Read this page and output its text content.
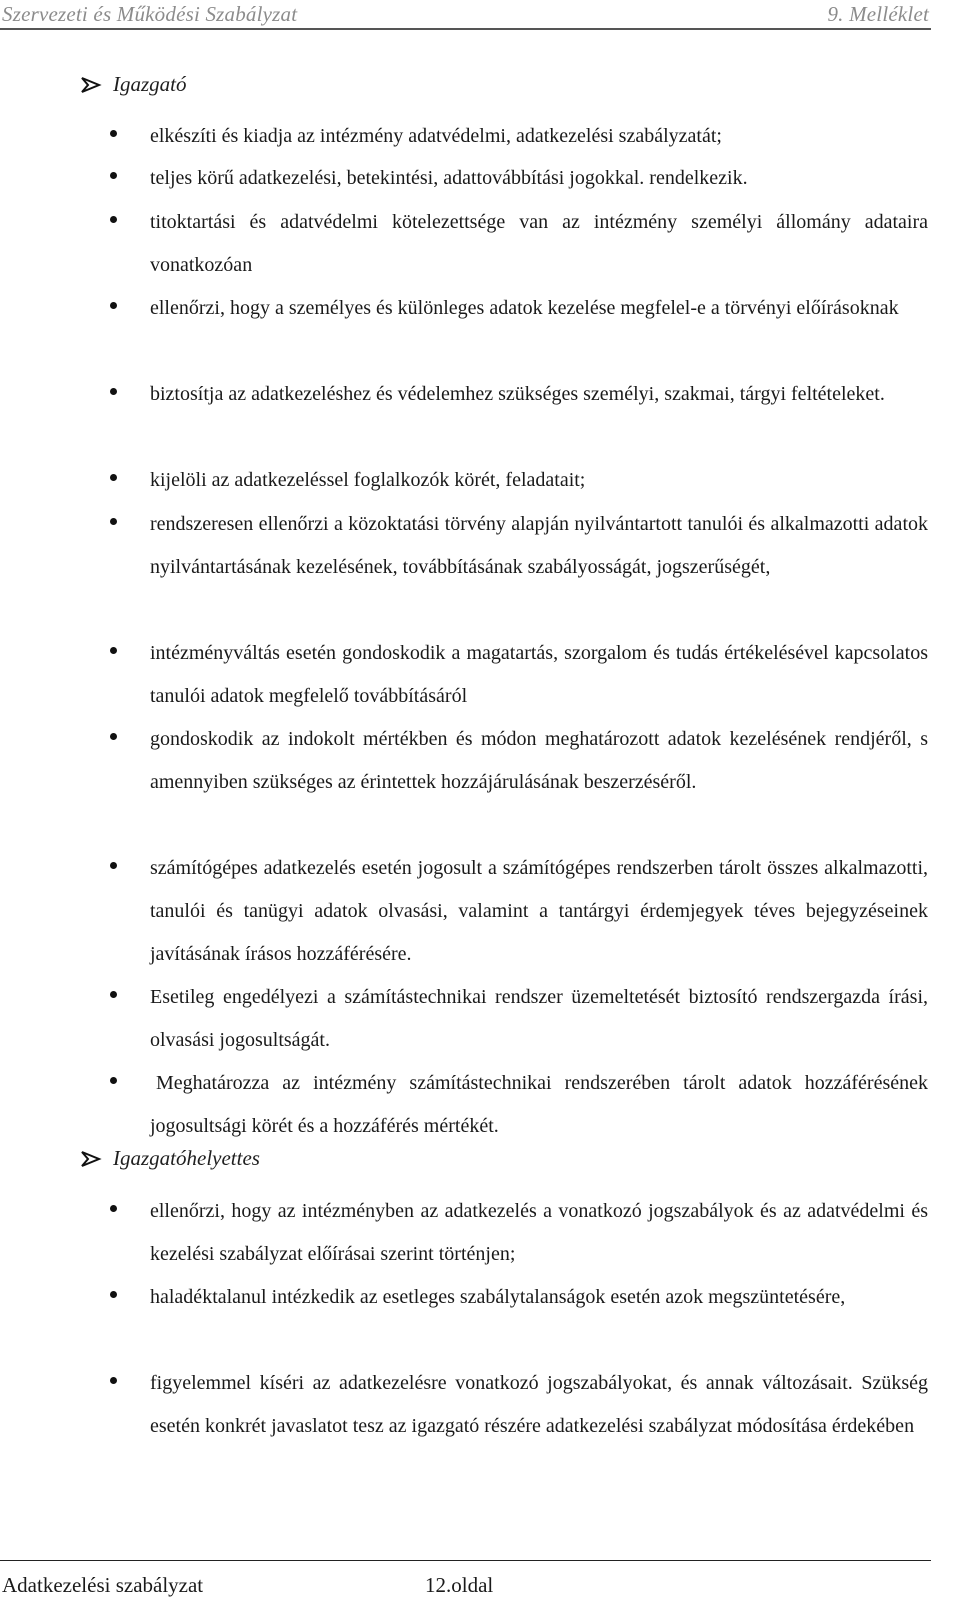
Szervezeti és Működési Szabályzat	9. Melléklet
Igazgató
elkészíti és kiadja az intézmény adatvédelmi, adatkezelési szabályzatát;
teljes körű adatkezelési, betekintési, adattovábbítási jogokkal. rendelkezik.
titoktartási és adatvédelmi kötelezettsége van az intézmény személyi állomány adataira vonatkozóan
ellenőrzi, hogy a személyes és különleges adatok kezelése megfelel-e a törvényi előírásoknak
biztosítja az adatkezeléshez és védelemhez szükséges személyi, szakmai, tárgyi feltételeket.
kijelöli az adatkezeléssel foglalkozók körét, feladatait;
rendszeresen ellenőrzi a közoktatási törvény alapján nyilvántartott tanulói és alkalmazotti adatok nyilvántartásának kezelésének, továbbításának szabályosságát, jogszerűségét,
intézményváltás esetén gondoskodik a magatartás, szorgalom és tudás értékelésével kapcsolatos tanulói adatok megfelelő továbbításáról
gondoskodik az indokolt mértékben és módon meghatározott adatok kezelésének rendjéről, s amennyiben szükséges az érintettek hozzájárulásának beszerzéséről.
számítógépes adatkezelés esetén jogosult a számítógépes rendszerben tárolt összes alkalmazotti, tanulói és tanügyi adatok olvasási, valamint a tantárgyi érdemjegyek téves bejegyzéseinek javításának írásos hozzáférésére.
Esetileg engedélyezi a számítástechnikai rendszer üzemeltetését biztosító rendszergazda írási, olvasási jogosultságát.
Meghatározza az intézmény számítástechnikai rendszerében tárolt adatok hozzáférésének jogosultsági körét és a hozzáférés mértékét.
Igazgatóhelyettes
ellenőrzi, hogy az intézményben az adatkezelés a vonatkozó jogszabályok és az adatvédelmi és kezelési szabályzat előírásai szerint történjen;
haladéktalanul intézkedik az esetleges szabálytalanságok esetén azok megszüntetésére,
figyelemmel kíséri az adatkezelésre vonatkozó jogszabályokat, és annak változásait. Szükség esetén konkrét javaslatot tesz az igazgató részére adatkezelési szabályzat módosítása érdekében
Adatkezelési szabályzat	12.oldal
